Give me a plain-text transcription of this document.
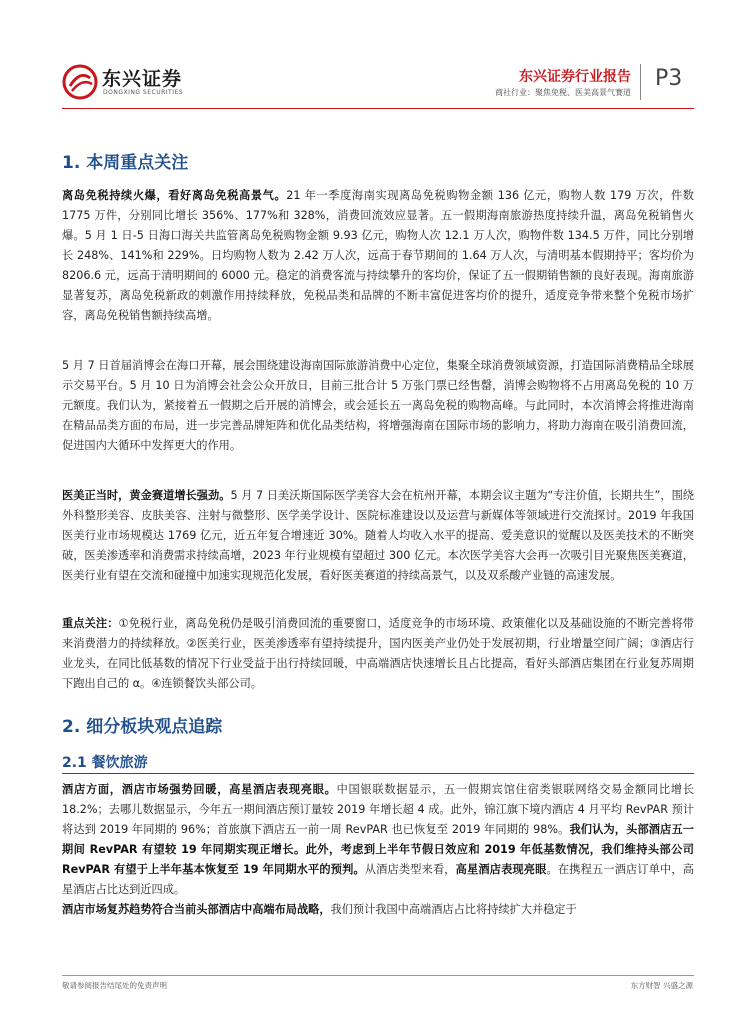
东兴证券
DONGXING SECURITIES
东兴证券行业报告
商社行业：聚焦免税、医美高景气赛道
P3
1. 本周重点关注
离岛免税持续火爆，看好离岛免税高景气。21 年一季度海南实现离岛免税购物金额 136 亿元，购物人数 179 万次，件数 1775 万件，分别同比增长 356%、177%和 328%，消费回流效应显著。五一假期海南旅游热度持续升温，离岛免税销售火爆。5 月 1 日-5 日海口海关共监管离岛免税购物金额 9.93 亿元，购物人次 12.1 万人次，购物件数 134.5 万件，同比分别增长 248%、141%和 229%。日均购物人数为 2.42 万人次，远高于春节期间的 1.64 万人次，与清明基本假期持平；客均价为 8206.6 元，远高于清明期间的 6000 元。稳定的消费客流与持续攀升的客均价，保证了五一假期销售额的良好表现。海南旅游显著复苏，离岛免税新政的刺激作用持续释放，免税品类和品牌的不断丰富促进客均价的提升，适度竞争带来整个免税市场扩容，离岛免税销售额持续高增。
5 月 7 日首届消博会在海口开幕，展会围绕建设海南国际旅游消费中心定位，集聚全球消费领域资源，打造国际消费精品全球展示交易平台。5 月 10 日为消博会社会公众开放日，目前三批合计 5 万张门票已经售罄，消博会购物将不占用离岛免税的 10 万元额度。我们认为，紧接着五一假期之后开展的消博会，或会延长五一离岛免税的购物高峰。与此同时，本次消博会将推进海南在精品品类方面的布局，进一步完善品牌矩阵和优化品类结构，将增强海南在国际市场的影响力，将助力海南在吸引消费回流，促进国内大循环中发挥更大的作用。
医美正当时，黄金赛道增长强劲。5 月 7 日美沃斯国际医学美容大会在杭州开幕，本期会议主题为“专注价值，长期共生”，围绕外科整形美容、皮肤美容、注射与微整形、医学美学设计、医院标准建设以及运营与新媒体等领域进行交流探讨。2019 年我国医美行业市场规模达 1769 亿元，近五年复合增速近 30%。随着人均收入水平的提高、爱美意识的觉醒以及医美技术的不断突破，医美渗透率和消费需求持续高增，2023 年行业规模有望超过 300 亿元。本次医学美容大会再一次吸引目光聚焦医美赛道，医美行业有望在交流和碰撞中加速实现规范化发展，看好医美赛道的持续高景气，以及双系酸产业链的高速发展。
重点关注：①免税行业，离岛免税仍是吸引消费回流的重要窗口，适度竞争的市场环境、政策催化以及基础设施的不断完善将带来消费潜力的持续释放。②医美行业，医美渗透率有望持续提升，国内医美产业仍处于发展初期，行业增量空间广阔；③酒店行业龙头，在同比低基数的情况下行业受益于出行持续回暖，中高端酒店快速增长且占比提高，看好头部酒店集团在行业复苏周期下跑出自己的 α。④连锁餐饮头部公司。
2. 细分板块观点追踪
2.1 餐饮旅游
酒店方面，酒店市场强势回暖，高星酒店表现亮眼。中国银联数据显示，五一假期宾馆住宿类银联网络交易金额同比增长 18.2%；去哪儿数据显示，今年五一期间酒店预订量较 2019 年增长超 4 成。此外，锦江旗下境内酒店 4 月平均 RevPAR 预计将达到 2019 年同期的 96%；首旅旗下酒店五一前一周 RevPAR 也已恢复至 2019 年同期的 98%。我们认为，头部酒店五一期间 RevPAR 有望较 19 年同期实现正增长。此外，考虑到上半年节假日效应和 2019 年低基数情况，我们维持头部公司 RevPAR 有望于上半年基本恢复至 19 年同期水平的预判。从酒店类型来看，高星酒店表现亮眼。在携程五一酒店订单中，高星酒店占比达到近四成。
酒店市场复苏趋势符合当前头部酒店中高端布局战略，我们预计我国中高端酒店占比将持续扩大并稳定于
敬请参阅报告结尾处的免责声明	东方财智 兴盛之源
